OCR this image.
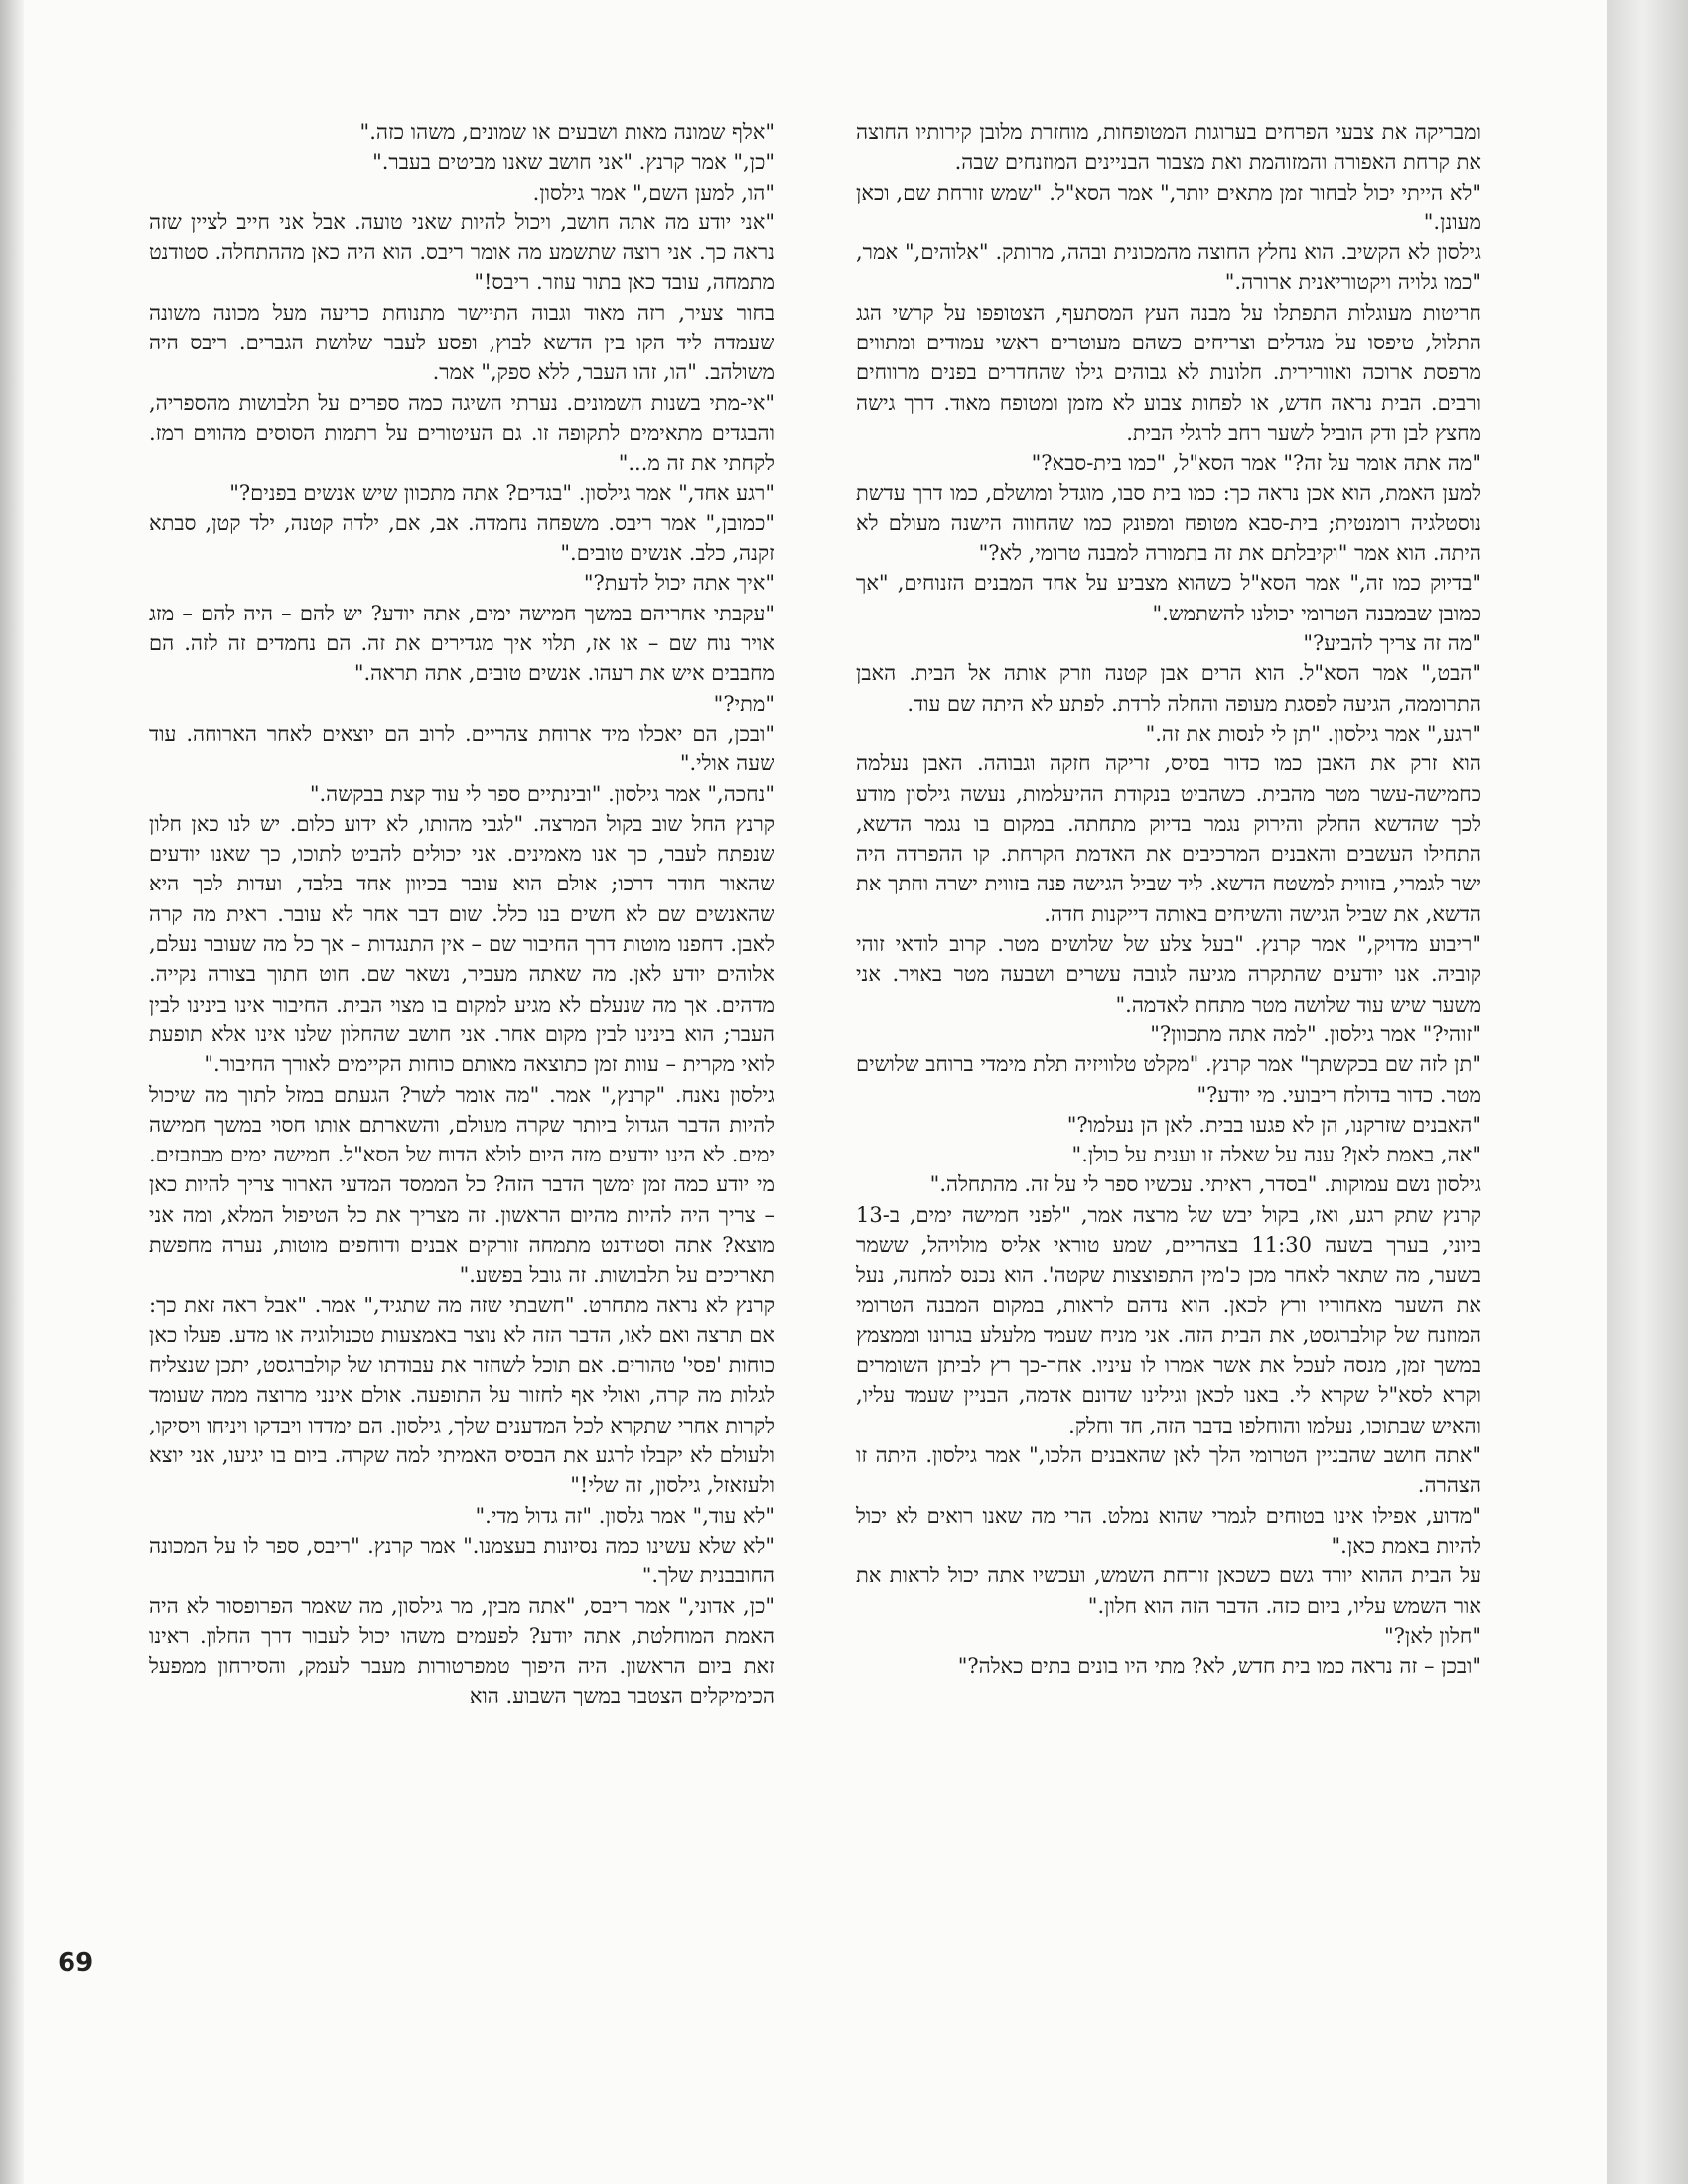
ומבריקה את צבעי הפרחים בערוגות המטופחות, מוחזרת מלובן קירותיו החוצה את קרחת האפורה והמזוהמת ואת מצבור הבניינים המוזנחים שבה.

"לא הייתי יכול לבחור זמן מתאים יותר," אמר הסא"ל. "שמש זורחת שם, וכאן מעונן."

גילסון לא הקשיב. הוא נחלץ החוצה מהמכונית ובהה, מרותק. "אלוהים," אמר, "כמו גלויה ויקטוריאנית ארורה."

חריטות מעוגלות התפתלו על מבנה העץ המסתעף, הצטופפו על קרשי הגג התלול, טיפסו על מגדלים וצריחים כשהם מעוטרים ראשי עמודים ומתווים מרפסת ארוכה ואוורירית. חלונות לא גבוהים גילו שהחדרים בפנים מרווחים ורבים. הבית נראה חדש, או לפחות צבוע לא מזמן ומטופח מאוד. דרך גישה מחצץ לבן ודק הוביל לשער רחב לרגלי הבית.

"מה אתה אומר על זה?" אמר הסא"ל, "כמו בית-סבא?"

למען האמת, הוא אכן נראה כך: כמו בית סבו, מוגדל ומושלם, כמו דרך עדשת נוסטלגיה רומנטית; בית-סבא מטופח ומפונק כמו שהחווה הישנה מעולם לא היתה. הוא אמר "וקיבלתם את זה בתמורה למבנה טרומי, לא?"

"בדיוק כמו זה," אמר הסא"ל כשהוא מצביע על אחד המבנים הזנוחים, "אך כמובן שבמבנה הטרומי יכולנו להשתמש."

"מה זה צריך להביע?"

"הבט," אמר הסא"ל. הוא הרים אבן קטנה וזרק אותה אל הבית. האבן התרוממה, הגיעה לפסגת מעופה והחלה לרדת. לפתע לא היתה שם עוד.

"רגע," אמר גילסון. "תן לי לנסות את זה."

הוא זרק את האבן כמו כדור בסיס, זריקה חזקה וגבוהה. האבן נעלמה כחמישה-עשר מטר מהבית. כשהביט בנקודת ההיעלמות, נעשה גילסון מודע לכך שהדשא החלק והירוק נגמר בדיוק מתחתה. במקום בו נגמר הדשא, התחילו העשבים והאבנים המרכיבים את האדמת הקרחת. קו ההפרדה היה ישר לגמרי, בזווית למשטח הדשא. ליד שביל הגישה פנה בזווית ישרה וחתך את הדשא, את שביל הגישה והשיחים באותה דייקנות חדה.

"ריבוע מדויק," אמר קרנץ. "בעל צלע של שלושים מטר. קרוב לודאי זוהי קוביה. אנו יודעים שהתקרה מגיעה לגובה עשרים ושבעה מטר באויר. אני משער שיש עוד שלושה מטר מתחת לאדמה."

"זוהי?" אמר גילסון. "למה אתה מתכוון?"

"תן לזה שם בכקשתך" אמר קרנץ. "מקלט טלוויזיה תלת מימדי ברוחב שלושים מטר. כדור בדולח ריבועי. מי יודע?"

"האבנים שזרקנו, הן לא פגעו בבית. לאן הן נעלמו?"

"אה, באמת לאן? ענה על שאלה זו וענית על כולן."

גילסון נשם עמוקות. "בסדר, ראיתי. עכשיו ספר לי על זה. מהתחלה."

קרנץ שתק רגע, ואז, בקול יבש של מרצה אמר, "לפני חמישה ימים, ב-13 ביוני, בערך בשעה 11:30 בצהריים, שמע טוראי אליס מולויהל, ששמר בשער, מה שתאר לאחר מכן כ'מין התפוצצות שקטה'. הוא נכנס למחנה, נעל את השער מאחוריו ורץ לכאן. הוא נדהם לראות, במקום המבנה הטרומי המוזנח של קולברגסט, את הבית הזה. אני מניח שעמד מלעלע בגרונו וממצמץ במשך זמן, מנסה לעכל את אשר אמרו לו עיניו. אחר-כך רץ לביתן השומרים וקרא לסא"ל שקרא לי. באנו לכאן וגילינו שדונם אדמה, הבניין שעמד עליו, והאיש שבתוכו, נעלמו והוחלפו בדבר הזה, חד וחלק.

"אתה חושב שהבניין הטרומי הלך לאן שהאבנים הלכו," אמר גילסון. היתה זו הצהרה.

"מדוע, אפילו אינו בטוחים לגמרי שהוא נמלט. הרי מה שאנו רואים לא יכול להיות באמת כאן."

על הבית ההוא יורד גשם כשכאן זורחת השמש, ועכשיו אתה יכול לראות את אור השמש עליו, ביום כזה. הדבר הזה הוא חלון."

"חלון לאן?"

"ובכן – זה נראה כמו בית חדש, לא? מתי היו בונים בתים כאלה?"

"אלף שמונה מאות ושבעים או שמונים, משהו כזה."

"כן," אמר קרנץ. "אני חושב שאנו מביטים בעבר."

"הו, למען השם," אמר גילסון.

"אני יודע מה אתה חושב, ויכול להיות שאני טועה. אבל אני חייב לציין שזה נראה כך. אני רוצה שתשמע מה אומר ריבס. הוא היה כאן מההתחלה. סטודנט מתמחה, עובד כאן בתור עוזר. ריבס!"

בחור צעיר, רזה מאוד וגבוה התיישר מתנוחת כריעה מעל מכונה משונה שעמדה ליד הקו בין הדשא לבוץ, ופסע לעבר שלושת הגברים. ריבס היה משולהב. "הו, זהו העבר, ללא ספק," אמר.

"אי-מתי בשנות השמונים. נערתי השיגה כמה ספרים על תלבושות מהספריה, והבגדים מתאימים לתקופה זו. גם העיטורים על רתמות הסוסים מהווים רמז. לקחתי את זה מ..."

"רגע אחד," אמר גילסון. "בגדים? אתה מתכוון שיש אנשים בפנים?"

"כמובן," אמר ריבס. משפחה נחמדה. אב, אם, ילדה קטנה, ילד קטן, סבתא זקנה, כלב. אנשים טובים."

"איך אתה יכול לדעת?"

"עקבתי אחריהם במשך חמישה ימים, אתה יודע? יש להם – היה להם – מזג אויר נוח שם – או אז, תלוי איך מגדירים את זה. הם נחמדים זה לזה. הם מחבבים איש את רעהו. אנשים טובים, אתה תראה."

"מתי?"

"ובכן, הם יאכלו מיד ארוחת צהריים. לרוב הם יוצאים לאחר הארוחה. עוד שעה אולי."

"נחכה," אמר גילסון. "ובינתיים ספר לי עוד קצת בבקשה."

קרנץ החל שוב בקול המרצה. "לגבי מהותו, לא ידוע כלום. יש לנו כאן חלון שנפתח לעבר, כך אנו מאמינים. אני יכולים להביט לתוכו, כך שאנו יודעים שהאור חודר דרכו; אולם הוא עובר בכיוון אחד בלבד, ועדות לכך היא שהאנשים שם לא חשים בנו כלל. שום דבר אחר לא עובר. ראית מה קרה לאבן. דחפנו מוטות דרך החיבור שם – אין התנגדות – אך כל מה שעובר נעלם, אלוהים יודע לאן. מה שאתה מעביר, נשאר שם. חוט חתוך בצורה נקייה. מדהים. אך מה שנעלם לא מגיע למקום בו מצוי הבית. החיבור אינו בינינו לבין העבר; הוא בינינו לבין מקום אחר. אני חושב שהחלון שלנו אינו אלא תופעת לואי מקרית – עוות זמן כתוצאה מאותם כוחות הקיימים לאורך החיבור."

גילסון נאנח. "קרנץ," אמר. "מה אומר לשר? הגעתם במזל לתוך מה שיכול להיות הדבר הגדול ביותר שקרה מעולם, והשארתם אותו חסוי במשך חמישה ימים. לא הינו יודעים מזה היום לולא הדוח של הסא"ל. חמישה ימים מבוזבזים. מי יודע כמה זמן ימשך הדבר הזה? כל הממסד המדעי הארור צריך להיות כאן – צריך היה להיות מהיום הראשון. זה מצריך את כל הטיפול המלא, ומה אני מוצא? אתה וסטודנט מתמחה זורקים אבנים ודוחפים מוטות, נערה מחפשת תאריכים על תלבושות. זה גובל בפשע."

קרנץ לא נראה מתחרט. "חשבתי שזה מה שתגיד," אמר. "אבל ראה זאת כך: אם תרצה ואם לאו, הדבר הזה לא נוצר באמצעות טכנולוגיה או מדע. פעלו כאן כוחות 'פסי' טהורים. אם תוכל לשחזר את עבודתו של קולברגסט, יתכן שנצליח לגלות מה קרה, ואולי אף לחזור על התופעה. אולם אינני מרוצה ממה שעומד לקרות אחרי שתקרא לכל המדענים שלך, גילסון. הם ימדדו ויבדקו ויניחו ויסיקו, ולעולם לא יקבלו לרגע את הבסיס האמיתי למה שקרה. ביום בו יגיעו, אני יוצא ולעזאזל, גילסון, זה שלי!"

"לא עוד," אמר גלסון. "זה גדול מדי."

"לא שלא עשינו כמה נסיונות בעצמנו." אמר קרנץ. "ריבס, ספר לו על המכונה החובבנית שלך."

"כן, אדוני," אמר ריבס, "אתה מבין, מר גילסון, מה שאמר הפרופסור לא היה האמת המוחלטת, אתה יודע? לפעמים משהו יכול לעבור דרך החלון. ראינו זאת ביום הראשון. היה היפוך טמפרטורות מעבר לעמק, והסירחון ממפעל הכימיקלים הצטבר במשך השבוע. הוא

69
